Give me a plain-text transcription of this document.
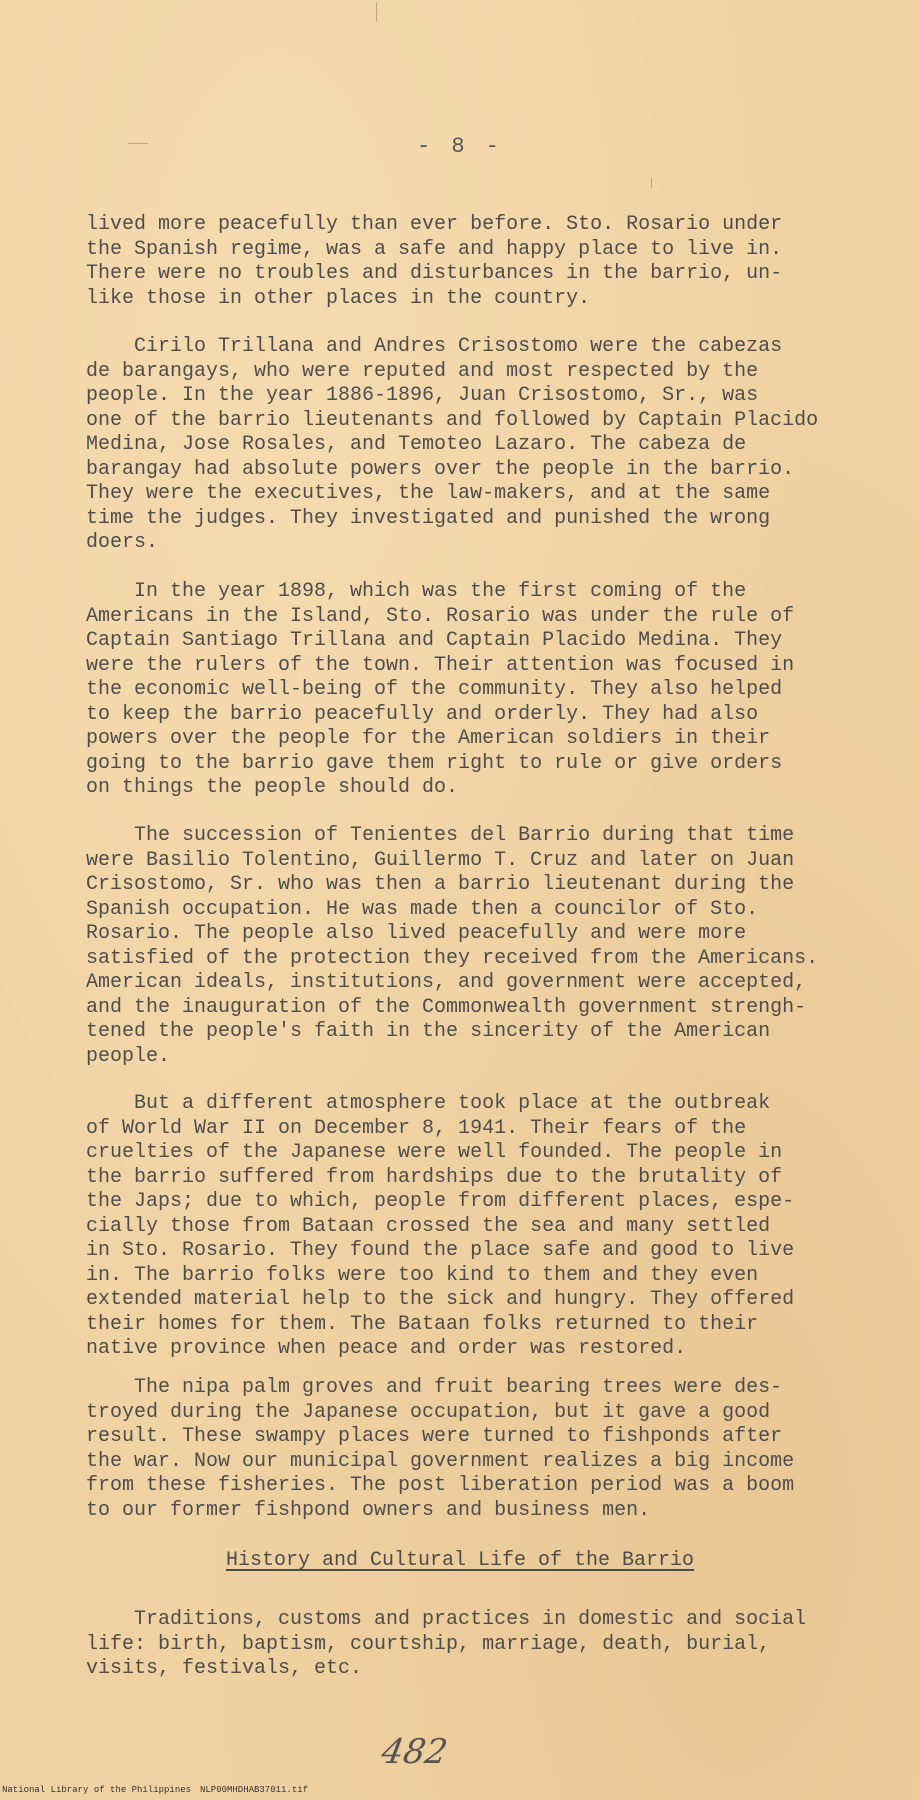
- 8 -

lived more peacefully than ever before. Sto. Rosario under

the Spanish regime, was a safe and happy place to live in.

There were no troubles and disturbances in the barrio, un-

like those in other places in the country.

Cirilo Trillana and Andres Crisostomo were the cabezas

de barangays, who were reputed and most respected by the

people. In the year 1886-1896, Juan Crisostomo, Sr., was

one of the barrio lieutenants and followed by Captain Placido

Medina, Jose Rosales, and Temoteo Lazaro. The cabeza de

barangay had absolute powers over the people in the barrio.

They were the executives, the law-makers, and at the same

time the judges. They investigated and punished the wrong

doers.

In the year 1898, which was the first coming of the

Americans in the Island, Sto. Rosario was under the rule of

Captain Santiago Trillana and Captain Placido Medina. They

were the rulers of the town. Their attention was focused in

the economic well-being of the community. They also helped

to keep the barrio peacefully and orderly. They had also

powers over the people for the American soldiers in their

going to the barrio gave them right to rule or give orders

on things the people should do.

The succession of Tenientes del Barrio during that time

were Basilio Tolentino, Guillermo T. Cruz and later on Juan

Crisostomo, Sr. who was then a barrio lieutenant during the

Spanish occupation. He was made then a councilor of Sto.

Rosario. The people also lived peacefully and were more

satisfied of the protection they received from the Americans.

American ideals, institutions, and government were accepted,

and the inauguration of the Commonwealth government strengh-

tened the people's faith in the sincerity of the American

people.

But a different atmosphere took place at the outbreak

of World War II on December 8, 1941. Their fears of the

cruelties of the Japanese were well founded. The people in

the barrio suffered from hardships due to the brutality of

the Japs; due to which, people from different places, espe-

cially those from Bataan crossed the sea and many settled

in Sto. Rosario. They found the place safe and good to live

in. The barrio folks were too kind to them and they even

extended material help to the sick and hungry. They offered

their homes for them. The Bataan folks returned to their

native province when peace and order was restored.

The nipa palm groves and fruit bearing trees were des-

troyed during the Japanese occupation, but it gave a good

result. These swampy places were turned to fishponds after

the war. Now our municipal government realizes a big income

from these fisheries. The post liberation period was a boom

to our former fishpond owners and business men.

History and Cultural Life of the Barrio

Traditions, customs and practices in domestic and social

life: birth, baptism, courtship, marriage, death, burial,

visits, festivals, etc.

482
National Library of the Philippines NLP00MHDHAB37011.tif
